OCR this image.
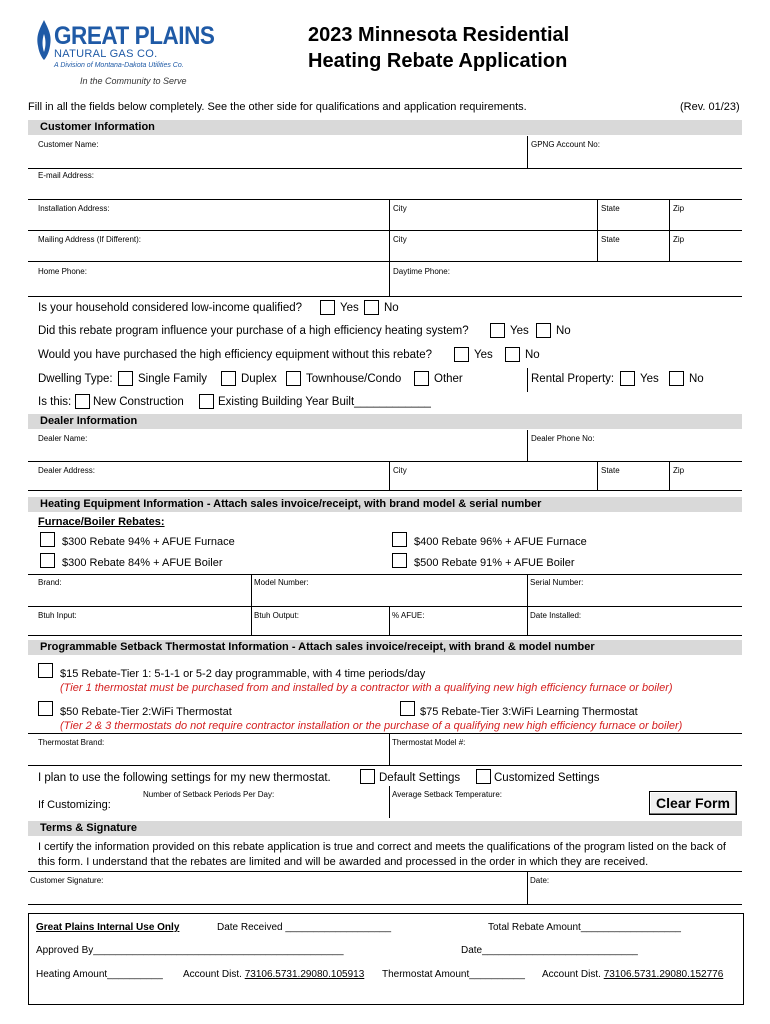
GREAT PLAINS
NATURAL GAS CO.
A Division of Montana-Dakota Utilities Co.
In the Community to Serve
2023 Minnesota Residential
Heating Rebate Application
Fill in all the fields below completely. See the other side for qualifications and application requirements.	(Rev. 01/23)
Customer Information
Customer Name:	GPNG Account No:
E-mail Address:
Installation Address:	City	State	Zip
Mailing Address (If Different):	City	State	Zip
Home Phone:	Daytime Phone:
Is your household considered low-income qualified?	Yes No
Did this rebate program influence your purchase of a high efficiency heating system?	Yes No
Would you have purchased the high efficiency equipment without this rebate?	Yes	No
Dwelling Type: Single Family	Duplex	Townhouse/Condo	Other	Rental Property: Yes	No
Is this: New Construction	Existing Building Year Built____________
Dealer Information
Dealer Name:	Dealer Phone No:
Dealer Address:	City	State	Zip
Heating Equipment Information - Attach sales invoice/receipt, with brand model & serial number
Furnace/Boiler Rebates:
$300 Rebate 94% + AFUE Furnace	$400 Rebate 96% + AFUE Furnace
$300 Rebate 84% + AFUE Boiler	$500 Rebate 91% + AFUE Boiler
Brand:	Model Number:	Serial Number:
Btuh Input:	Btuh Output:	% AFUE:	Date Installed:
Programmable Setback Thermostat Information - Attach sales invoice/receipt, with brand & model number
$15 Rebate-Tier 1: 5-1-1 or 5-2 day programmable, with 4 time periods/day
(Tier 1 thermostat must be purchased from and installed by a contractor with a qualifying new high efficiency furnace or boiler)
$50 Rebate-Tier 2:WiFi Thermostat	$75 Rebate-Tier 3:WiFi Learning Thermostat
(Tier 2 & 3 thermostats do not require contractor installation or the purchase of a qualifying new high efficiency furnace or boiler)
Thermostat Brand:	Thermostat Model #:
I plan to use the following settings for my new thermostat.	Default Settings	Customized Settings
Number of Setback Periods Per Day:	Average Setback Temperature:
If Customizing:	Clear Form
Terms & Signature
I certify the information provided on this rebate application is true and correct and meets the qualifications of the program listed on the back of
this form. I understand that the rebates are limited and will be awarded and processed in the order in which they are received.
Customer Signature:	Date:
Great Plains Internal Use Only	Date Received ___________________	Total Rebate Amount__________________
Approved By_____________________________________________	Date____________________________
Heating Amount__________ Account Dist. 73106.5731.29080.105913 Thermostat Amount__________ Account Dist. 73106.5731.29080.152776
